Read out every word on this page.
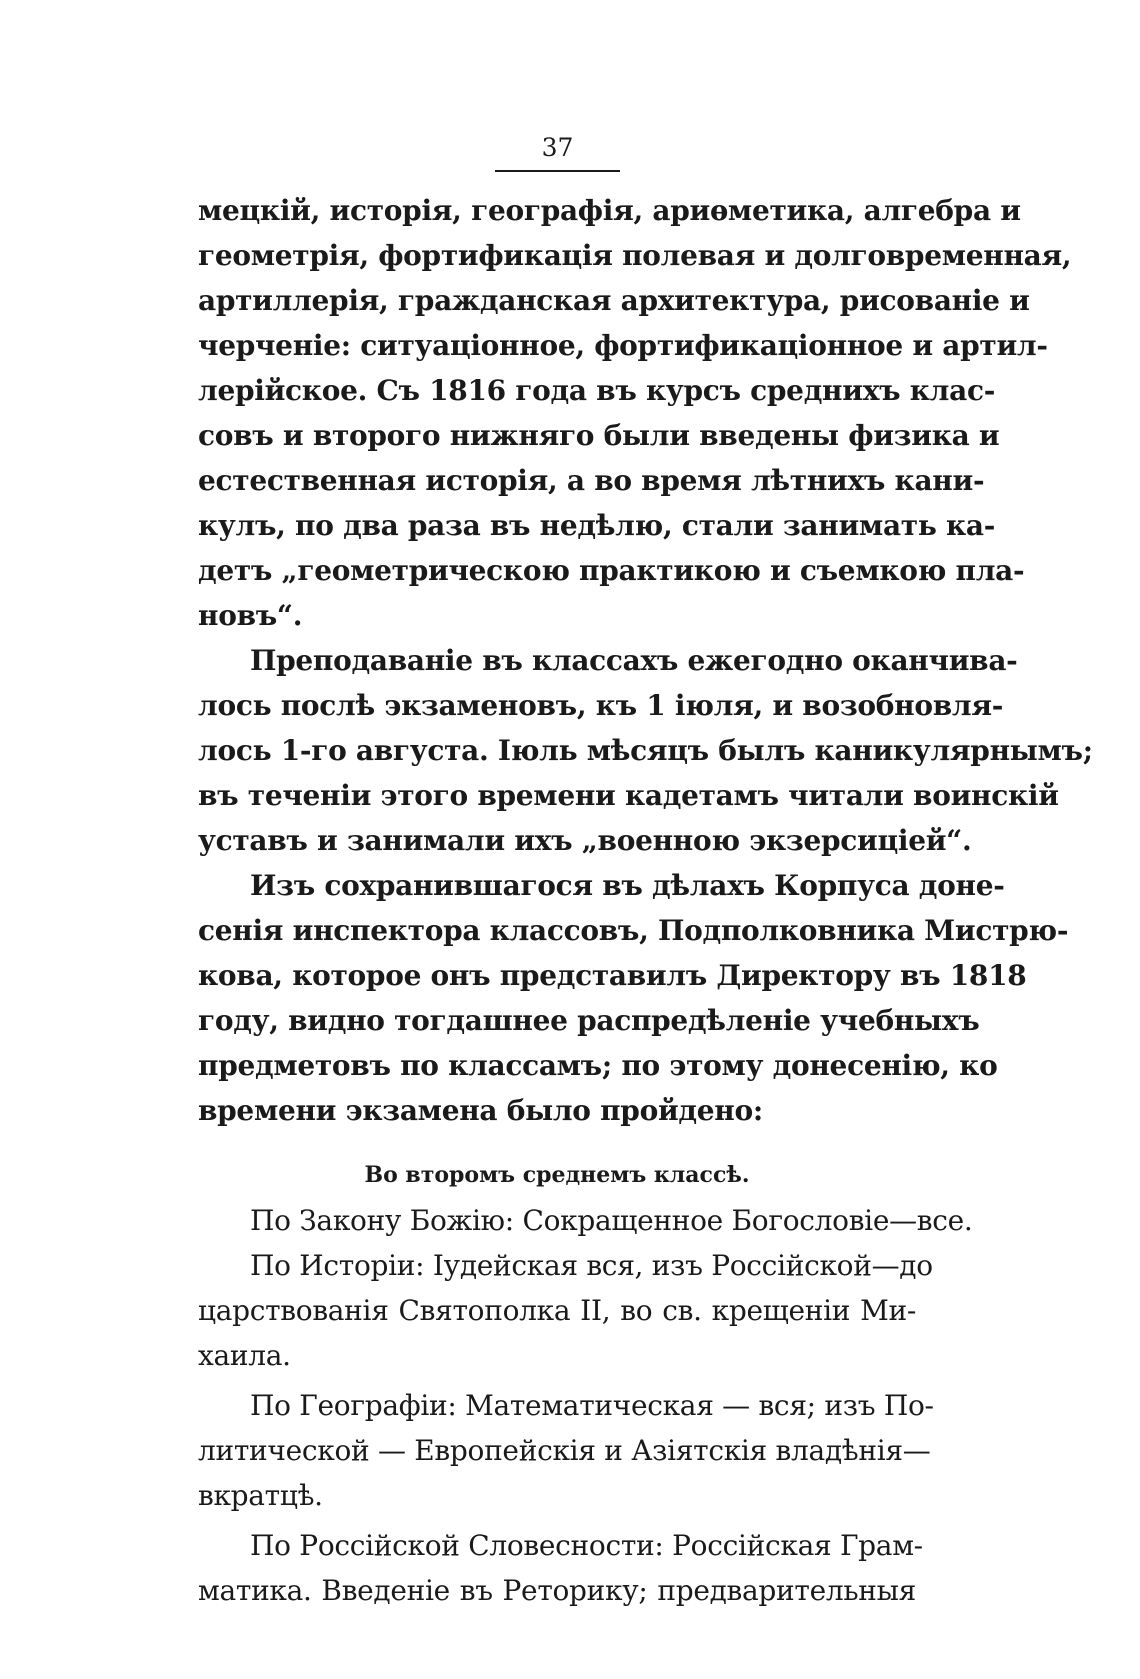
37
мецкій, исторія, географія, ариѳметика, алгебра и
геометрія, фортификація полевая и долговременная,
артиллерія, гражданская архитектура, рисованіе и
черченіе: ситуаціонное, фортификаціонное и артил-
лерійское. Съ 1816 года въ курсъ среднихъ клас-
совъ и второго нижняго были введены физика и
естественная исторія, а во время лѣтнихъ кани-
кулъ, по два раза въ недѣлю, стали занимать ка-
детъ „геометрическою практикою и съемкою пла-
новъ“.
Преподаваніе въ классахъ ежегодно оканчива-
лось послѣ экзаменовъ, къ 1 іюля, и возобновля-
лось 1-го августа. Іюль мѣсяцъ былъ каникулярнымъ;
въ теченіи этого времени кадетамъ читали воинскій
уставъ и занимали ихъ „военною экзерсиціей“.
Изъ сохранившагося въ дѣлахъ Корпуса доне-
сенія инспектора классовъ, Подполковника Мистрю-
кова, которое онъ представилъ Директору въ 1818
году, видно тогдашнее распредѣленіе учебныхъ
предметовъ по классамъ; по этому донесенію, ко
времени экзамена было пройдено:
Во второмъ среднемъ классѣ.
По Закону Божію: Сокращенное Богословіе—все.
По Исторіи: Іудейская вся, изъ Россійской—до
царствованія Святополка II, во св. крещеніи Ми-
хаила.
По Географіи: Математическая — вся; изъ По-
литической — Европейскія и Азіятскія владѣнія—
вкратцѣ.
По Россійской Словесности: Россійская Грам-
матика. Введеніе въ Реторику; предварительныя
